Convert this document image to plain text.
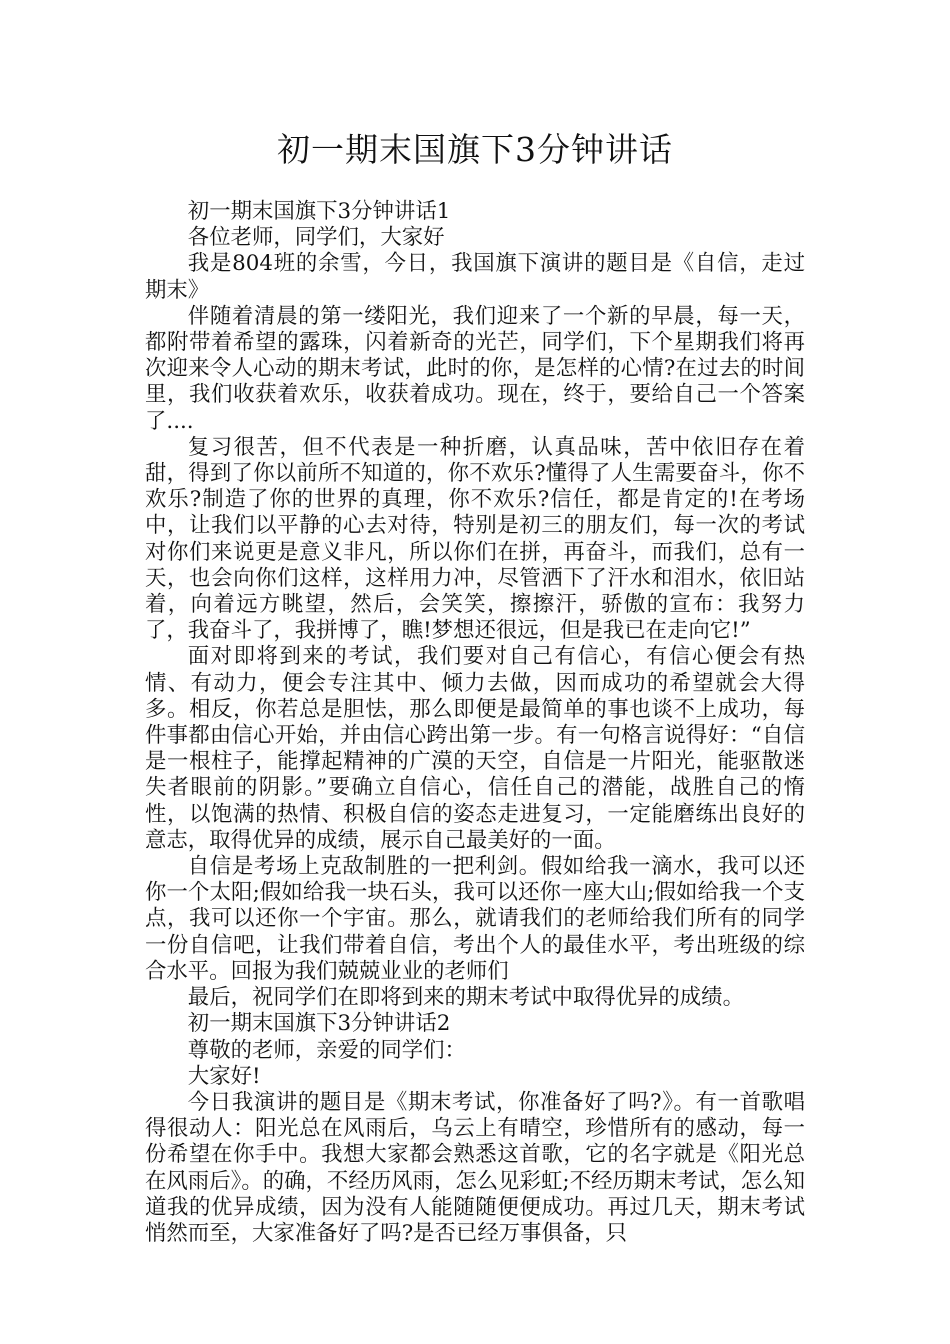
初一期末国旗下3分钟讲话

初一期末国旗下3分钟讲话1

各位老师，同学们，大家好

我是804班的余雪，今日，我国旗下演讲的题目是《自信，走过期末》

伴随着清晨的第一缕阳光，我们迎来了一个新的早晨，每一天，都附带着希望的露珠，闪着新奇的光芒，同学们，下个星期我们将再次迎来令人心动的期末考试，此时的你，是怎样的心情?在过去的时间里，我们收获着欢乐，收获着成功。现在，终于，要给自己一个答案了....

复习很苦，但不代表是一种折磨，认真品味，苦中依旧存在着甜，得到了你以前所不知道的，你不欢乐?懂得了人生需要奋斗，你不欢乐?制造了你的世界的真理，你不欢乐?信任，都是肯定的!在考场中，让我们以平静的心去对待，特别是初三的朋友们，每一次的考试对你们来说更是意义非凡，所以你们在拼，再奋斗，而我们，总有一天，也会向你们这样，这样用力冲，尽管洒下了汗水和泪水，依旧站着，向着远方眺望，然后，会笑笑，擦擦汗，骄傲的宣布：我努力了，我奋斗了，我拼博了，瞧!梦想还很远，但是我已在走向它!”

面对即将到来的考试，我们要对自己有信心，有信心便会有热情、有动力，便会专注其中、倾力去做，因而成功的希望就会大得多。相反，你若总是胆怯，那么即便是最简单的事也谈不上成功，每件事都由信心开始，并由信心跨出第一步。有一句格言说得好：“自信是一根柱子，能撑起精神的广漠的天空，自信是一片阳光，能驱散迷失者眼前的阴影。”要确立自信心，信任自己的潜能，战胜自己的惰性，以饱满的热情、积极自信的姿态走进复习，一定能磨练出良好的意志，取得优异的成绩，展示自己最美好的一面。

自信是考场上克敌制胜的一把利剑。假如给我一滴水，我可以还你一个太阳;假如给我一块石头，我可以还你一座大山;假如给我一个支点，我可以还你一个宇宙。那么，就请我们的老师给我们所有的同学一份自信吧，让我们带着自信，考出个人的最佳水平，考出班级的综合水平。回报为我们兢兢业业的老师们

最后，祝同学们在即将到来的期末考试中取得优异的成绩。

初一期末国旗下3分钟讲话2

尊敬的老师，亲爱的同学们：

大家好!

今日我演讲的题目是《期末考试，你准备好了吗?》。有一首歌唱得很动人：阳光总在风雨后，乌云上有晴空，珍惜所有的感动，每一份希望在你手中。我想大家都会熟悉这首歌，它的名字就是《阳光总在风雨后》。的确，不经历风雨，怎么见彩虹;不经历期末考试，怎么知道我的优异成绩，因为没有人能随随便便成功。再过几天，期末考试悄然而至，大家准备好了吗?是否已经万事俱备，只
